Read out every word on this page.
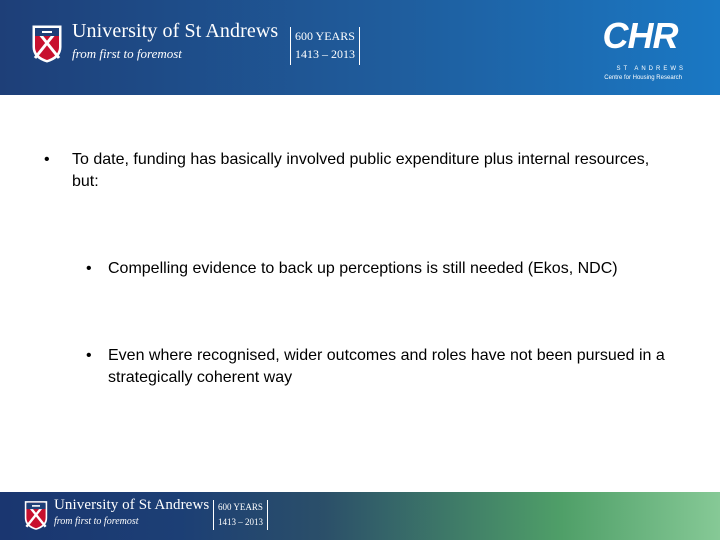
University of St Andrews
from first to foremost
600 YEARS
1413 – 2013	CHR
ST ANDREWS
Centre for Housing Research
• To date, funding has basically involved public expenditure plus internal resources, but:
• Compelling evidence to back up perceptions is still needed (Ekos, NDC)
• Even where recognised, wider outcomes and roles have not been pursued in a strategically coherent way
University of St Andrews
from first to foremost
600 YEARS
1413 – 2013
